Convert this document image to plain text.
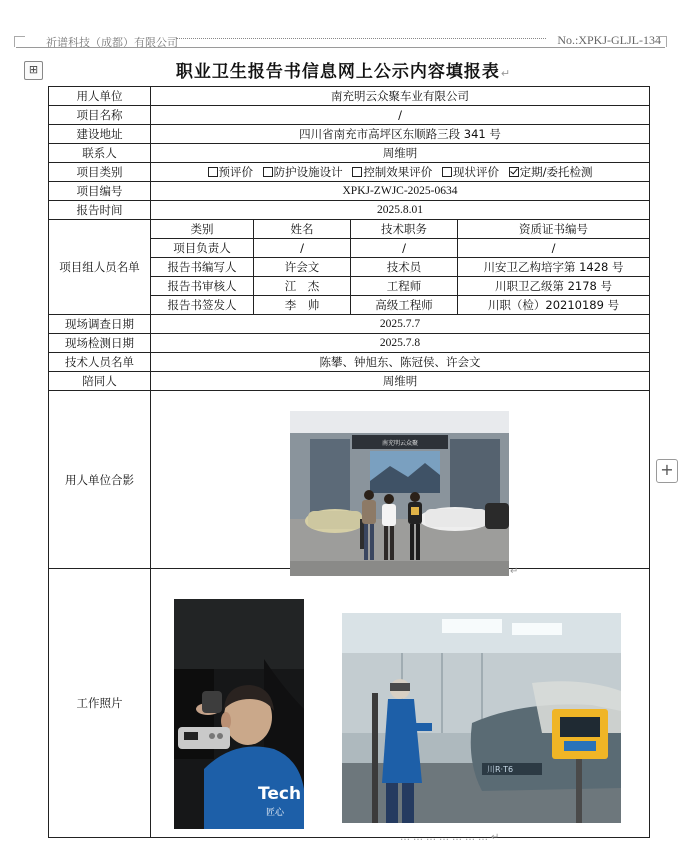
祈谱科技（成都）有限公司	No.:XPKJ-GLJL-134
⊞
+
职业卫生报告书信息网上公示内容填报表↵
用人单位	南充明云众聚车业有限公司			
项目名称	/			
建设地址	四川省南充市高坪区东顺路三段 341 号			
联系人	周维明			
项目类别	预评价 防护设施设计 控制效果评价 现状评价 定期/委托检测			
项目编号	XPKJ-ZWJC-2025-0634			
报告时间	2025.8.01			
项目组人员名单	类别	姓名	技术职务	资质证书编号
	项目负责人	/	/	/
	报告书编写人	许会文	技术员	川安卫乙构培字第 1428 号
	报告书审核人	江　杰	工程师	川职卫乙级第 2178 号
	报告书签发人	李　帅	高级工程师	川职（检）20210189 号
现场调查日期	2025.7.7			
现场检测日期	2025.7.8			
技术人员名单	陈攀、钟旭东、陈冠侯、许会文			
陪同人	周维明			
用人单位合影				
工作照片				
南充明云众聚
↵
Tech
匠心
川R·T6
…………………↵
